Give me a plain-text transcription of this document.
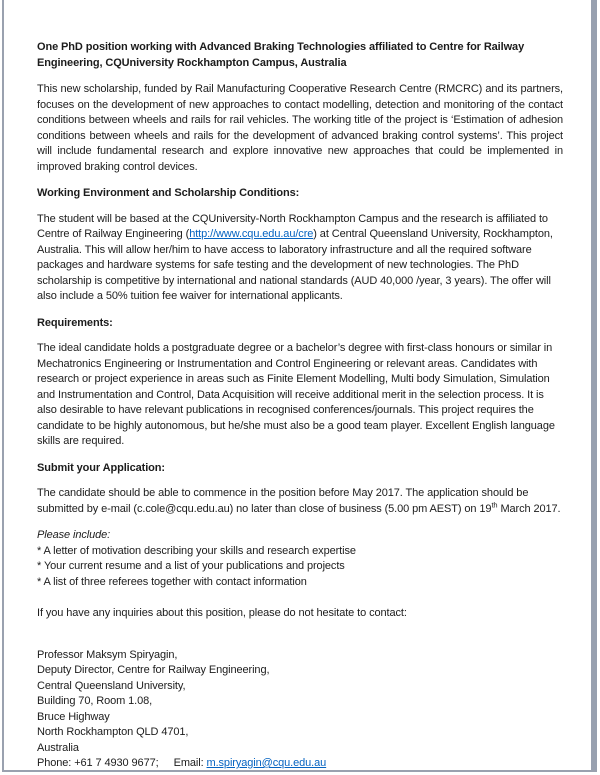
One PhD position working with Advanced Braking Technologies affiliated to Centre for Railway
Engineering, CQUniversity Rockhampton Campus, Australia

This new scholarship, funded by Rail Manufacturing Cooperative Research Centre (RMCRC) and its partners, focuses on the development of new approaches to contact modelling, detection and monitoring of the contact conditions between wheels and rails for rail vehicles. The working title of the project is ‘Estimation of adhesion conditions between wheels and rails for the development of advanced braking control systems’. This project will include fundamental research and explore innovative new approaches that could be implemented in improved braking control devices.

Working Environment and Scholarship Conditions:

The student will be based at the CQUniversity-North Rockhampton Campus and the research is affiliated to Centre of Railway Engineering (http://www.cqu.edu.au/cre) at Central Queensland University, Rockhampton, Australia. This will allow her/him to have access to laboratory infrastructure and all the required software packages and hardware systems for safe testing and the development of new technologies. The PhD scholarship is competitive by international and national standards (AUD 40,000 /year, 3 years). The offer will also include a 50% tuition fee waiver for international applicants.

Requirements:

The ideal candidate holds a postgraduate degree or a bachelor’s degree with first-class honours or similar in Mechatronics Engineering or Instrumentation and Control Engineering or relevant areas. Candidates with research or project experience in areas such as Finite Element Modelling, Multi body Simulation, Simulation and Instrumentation and Control, Data Acquisition will receive additional merit in the selection process. It is also desirable to have relevant publications in recognised conferences/journals. This project requires the candidate to be highly autonomous, but he/she must also be a good team player. Excellent English language skills are required.

Submit your Application:

The candidate should be able to commence in the position before May 2017. The application should be submitted by e-mail (c.cole@cqu.edu.au) no later than close of business (5.00 pm AEST) on 19th March 2017.

Please include:
* A letter of motivation describing your skills and research expertise
* Your current resume and a list of your publications and projects
* A list of three referees together with contact information
If you have any inquiries about this position, please do not hesitate to contact:
Professor Maksym Spiryagin,
Deputy Director, Centre for Railway Engineering,
Central Queensland University,
Building 70, Room 1.08,
Bruce Highway
North Rockhampton QLD 4701,
Australia
Phone: +61 7 4930 9677; Email: m.spiryagin@cqu.edu.au
